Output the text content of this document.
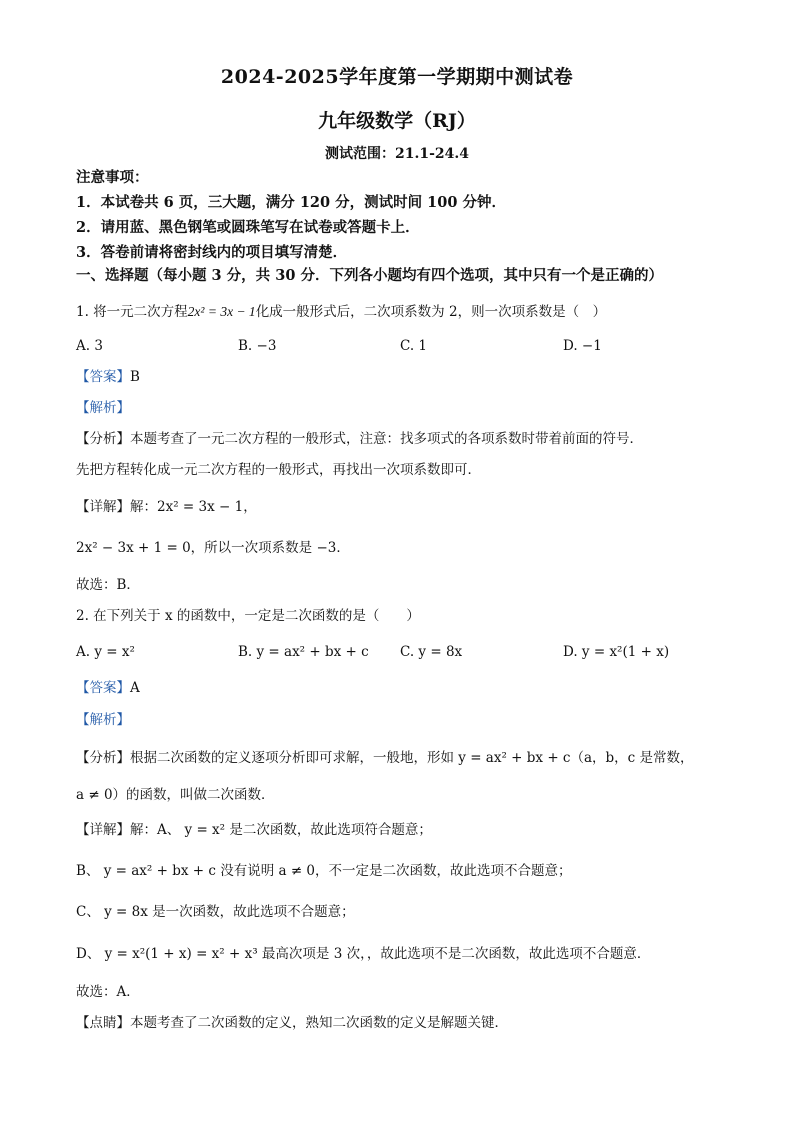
2024-2025学年度第一学期期中测试卷
九年级数学（RJ）
测试范围：21.1-24.4
注意事项：
1．本试卷共 6 页，三大题，满分 120 分，测试时间 100 分钟．
2．请用蓝、黑色钢笔或圆珠笔写在试卷或答题卡上．
3．答卷前请将密封线内的项目填写清楚．
一、选择题（每小题 3 分，共 30 分．下列各小题均有四个选项，其中只有一个是正确的）
1. 将一元二次方程2x² = 3x − 1化成一般形式后，二次项系数为 2，则一次项系数是（　）
A. 3	B. −3	C. 1	D. −1
【答案】B
【解析】
【分析】本题考查了一元二次方程的一般形式，注意：找多项式的各项系数时带着前面的符号．
先把方程转化成一元二次方程的一般形式，再找出一次项系数即可．
【详解】解：2x² = 3x − 1，
2x² − 3x + 1 = 0，所以一次项系数是 −3．
故选：B．
2. 在下列关于 x 的函数中，一定是二次函数的是（　　）
A. y = x²	B. y = ax² + bx + c C. y = 8x	D. y = x²(1 + x)
【答案】A
【解析】
【分析】根据二次函数的定义逐项分析即可求解，一般地，形如 y = ax² + bx + c（a，b，c 是常数，
a ≠ 0）的函数，叫做二次函数．
【详解】解：A、 y = x² 是二次函数，故此选项符合题意；
B、 y = ax² + bx + c 没有说明 a ≠ 0，不一定是二次函数，故此选项不合题意；
C、 y = 8x 是一次函数，故此选项不合题意；
D、 y = x²(1 + x) = x² + x³ 最高次项是 3 次，，故此选项不是二次函数，故此选项不合题意．
故选：A．
【点睛】本题考查了二次函数的定义，熟知二次函数的定义是解题关键．
